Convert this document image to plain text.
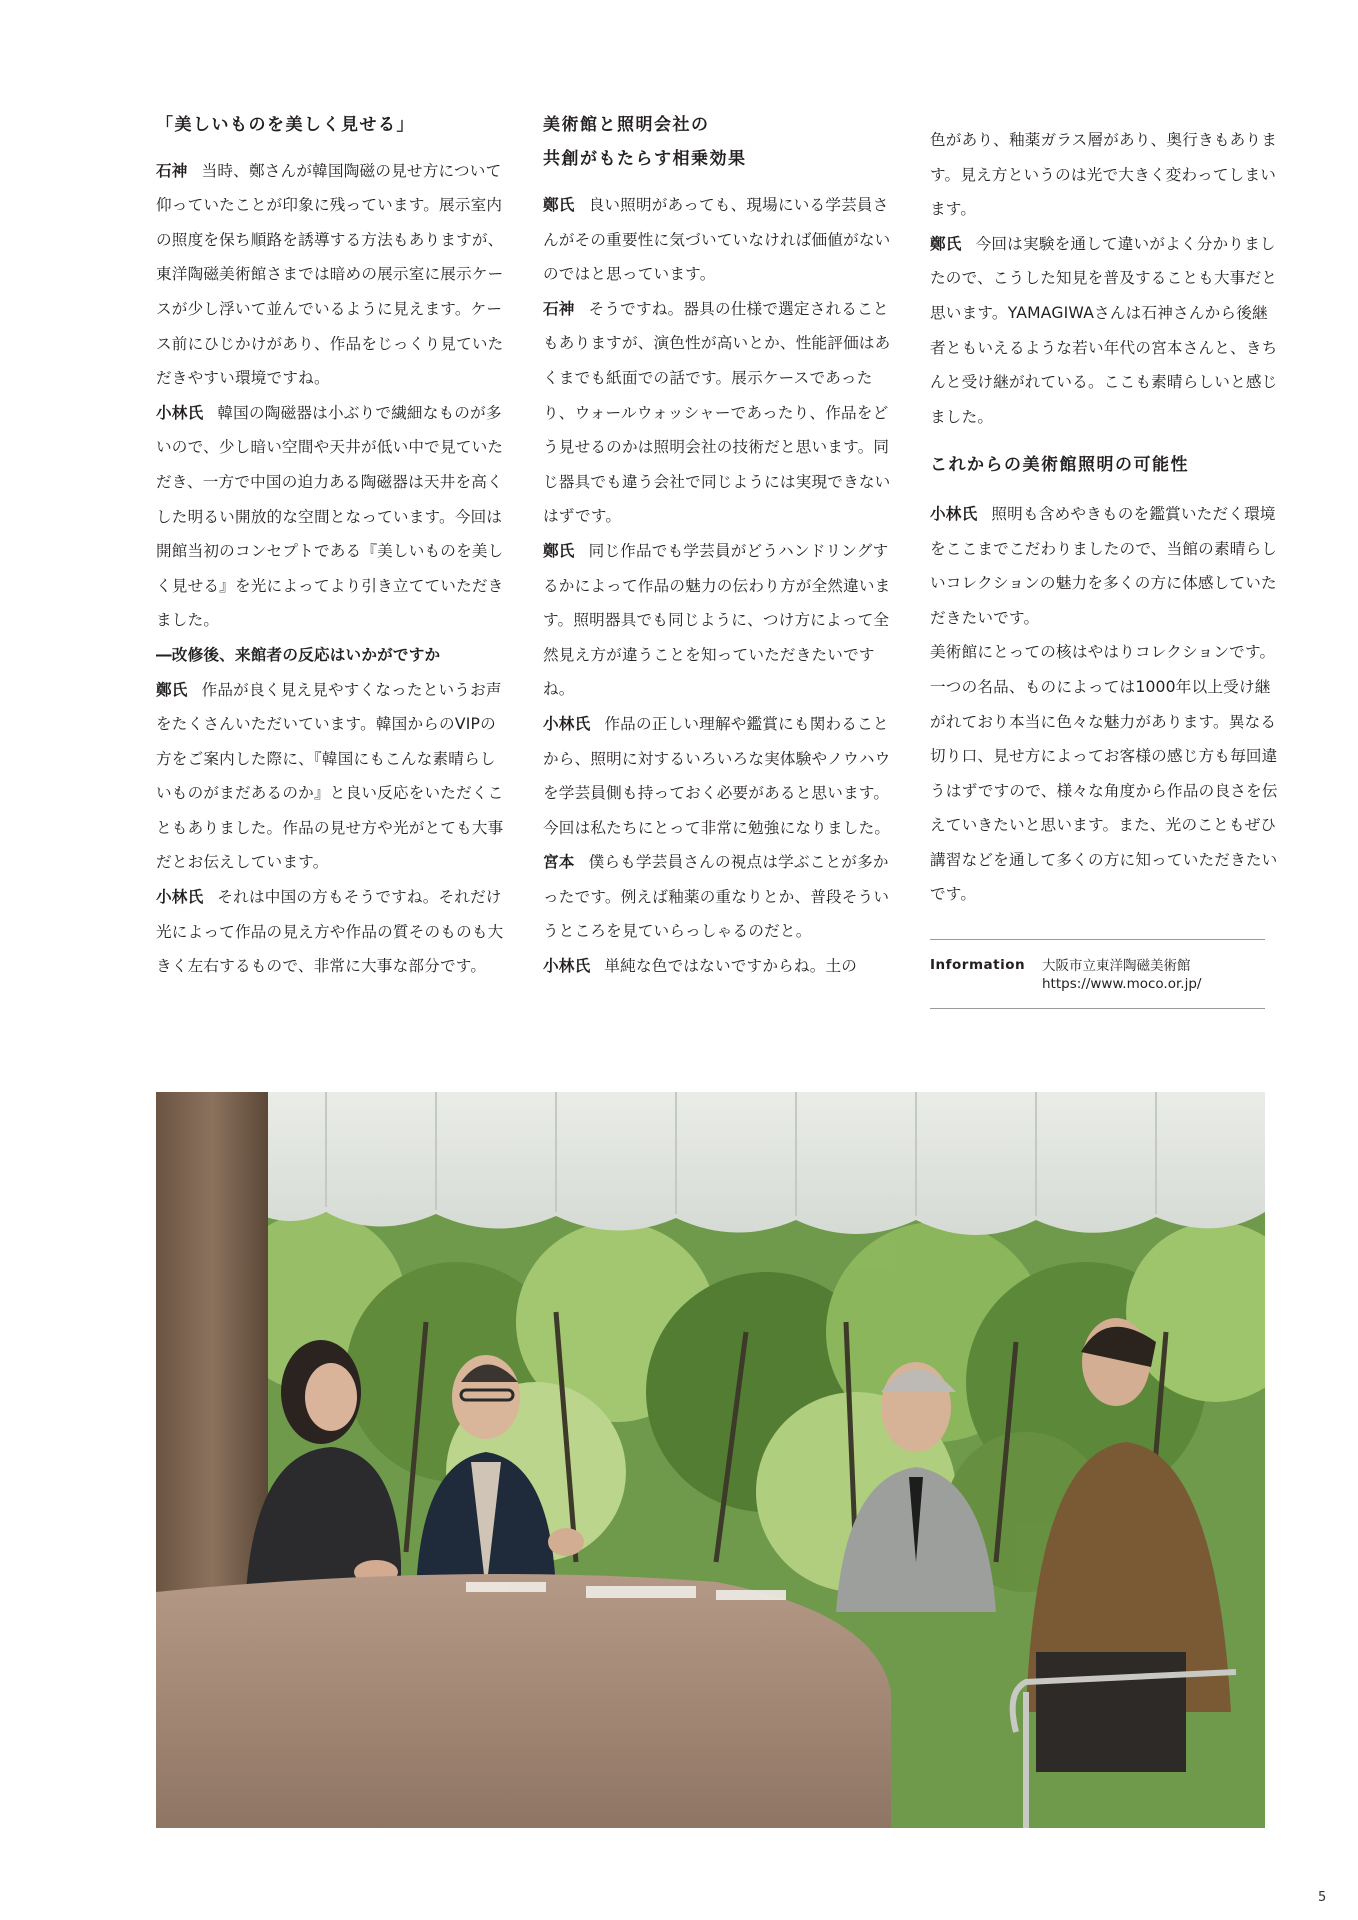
「美しいものを美しく見せる」
石神 当時、鄭さんが韓国陶磁の見せ方について仰っていたことが印象に残っています。展示室内の照度を保ち順路を誘導する方法もありますが、東洋陶磁美術館さまでは暗めの展示室に展示ケースが少し浮いて並んでいるように見えます。ケース前にひじかけがあり、作品をじっくり見ていただきやすい環境ですね。
小林氏 韓国の陶磁器は小ぶりで繊細なものが多いので、少し暗い空間や天井が低い中で見ていただき、一方で中国の迫力ある陶磁器は天井を高くした明るい開放的な空間となっています。今回は開館当初のコンセプトである『美しいものを美しく見せる』を光によってより引き立てていただきました。
―改修後、来館者の反応はいかがですか
鄭氏 作品が良く見え見やすくなったというお声をたくさんいただいています。韓国からのVIPの方をご案内した際に、『韓国にもこんな素晴らしいものがまだあるのか』と良い反応をいただくこともありました。作品の見せ方や光がとても大事だとお伝えしています。
小林氏 それは中国の方もそうですね。それだけ光によって作品の見え方や作品の質そのものも大きく左右するもので、非常に大事な部分です。
美術館と照明会社の
共創がもたらす相乗効果
鄭氏 良い照明があっても、現場にいる学芸員さんがその重要性に気づいていなければ価値がないのではと思っています。
石神 そうですね。器具の仕様で選定されることもありますが、演色性が高いとか、性能評価はあくまでも紙面での話です。展示ケースであったり、ウォールウォッシャーであったり、作品をどう見せるのかは照明会社の技術だと思います。同じ器具でも違う会社で同じようには実現できないはずです。
鄭氏 同じ作品でも学芸員がどうハンドリングするかによって作品の魅力の伝わり方が全然違います。照明器具でも同じように、つけ方によって全然見え方が違うことを知っていただきたいですね。
小林氏 作品の正しい理解や鑑賞にも関わることから、照明に対するいろいろな実体験やノウハウを学芸員側も持っておく必要があると思います。今回は私たちにとって非常に勉強になりました。
宮本 僕らも学芸員さんの視点は学ぶことが多かったです。例えば釉薬の重なりとか、普段そういうところを見ていらっしゃるのだと。
小林氏 単純な色ではないですからね。土の
色があり、釉薬ガラス層があり、奥行きもあります。見え方というのは光で大きく変わってしまいます。
鄭氏 今回は実験を通して違いがよく分かりましたので、こうした知見を普及することも大事だと思います。YAMAGIWAさんは石神さんから後継者ともいえるような若い年代の宮本さんと、きちんと受け継がれている。ここも素晴らしいと感じました。
これからの美術館照明の可能性
小林氏 照明も含めやきものを鑑賞いただく環境をここまでこだわりましたので、当館の素晴らしいコレクションの魅力を多くの方に体感していただきたいです。
美術館にとっての核はやはりコレクションです。一つの名品、ものによっては1000年以上受け継がれており本当に色々な魅力があります。異なる切り口、見せ方によってお客様の感じ方も毎回違うはずですので、様々な角度から作品の良さを伝えていきたいと思います。また、光のこともぜひ講習などを通して多くの方に知っていただきたいです。
Information 大阪市立東洋陶磁美術館
https://www.moco.or.jp/
5
